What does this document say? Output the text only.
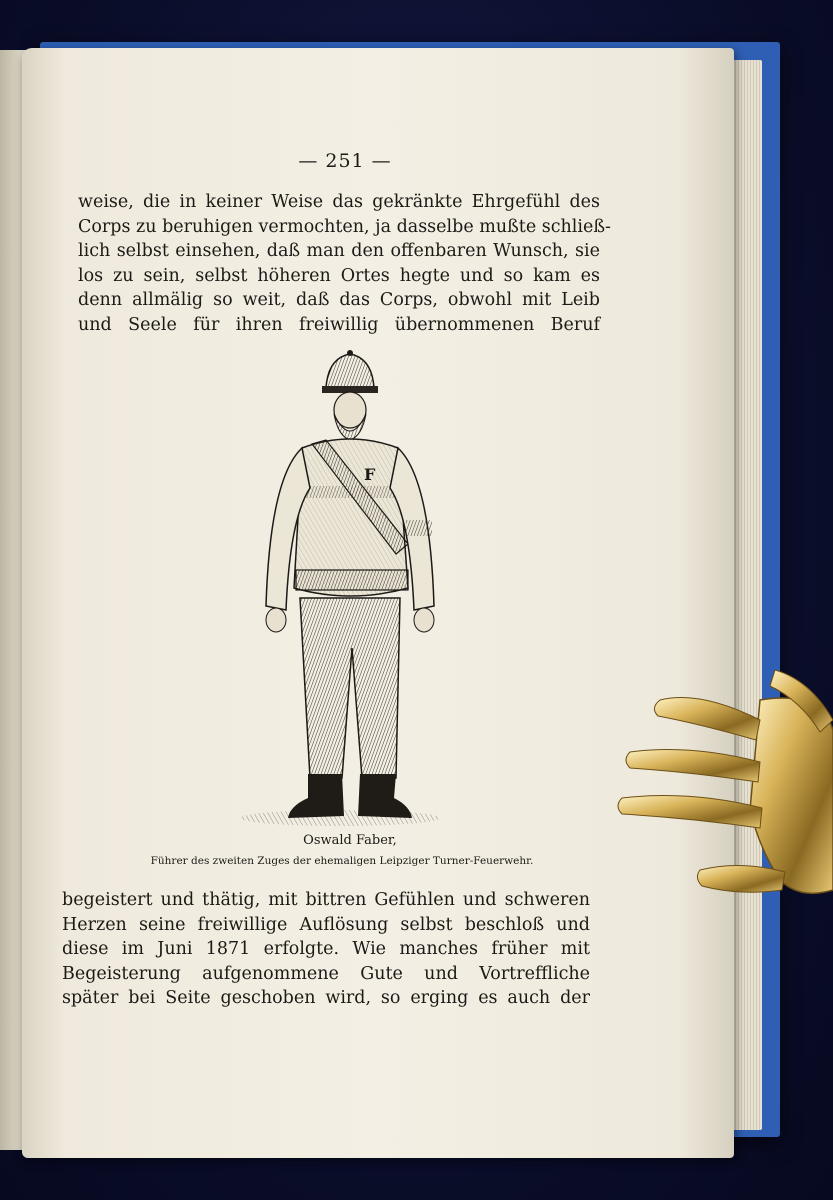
— 251 —
weise, die in keiner Weise das gekränkte Ehrgefühl des
Corps zu beruhigen vermochten, ja dasselbe mußte schließ-
lich selbst einsehen, daß man den offenbaren Wunsch, sie
los zu sein, selbst höheren Ortes hegte und so kam es
denn allmälig so weit, daß das Corps, obwohl mit Leib
und Seele für ihren freiwillig übernommenen Beruf
F
Oswald Faber,
Führer des zweiten Zuges der ehemaligen Leipziger Turner-Feuerwehr.
begeistert und thätig, mit bittren Gefühlen und schweren
Herzen seine freiwillige Auflösung selbst beschloß und
diese im Juni 1871 erfolgte. Wie manches früher mit
Begeisterung aufgenommene Gute und Vortreffliche
später bei Seite geschoben wird, so erging es auch der
